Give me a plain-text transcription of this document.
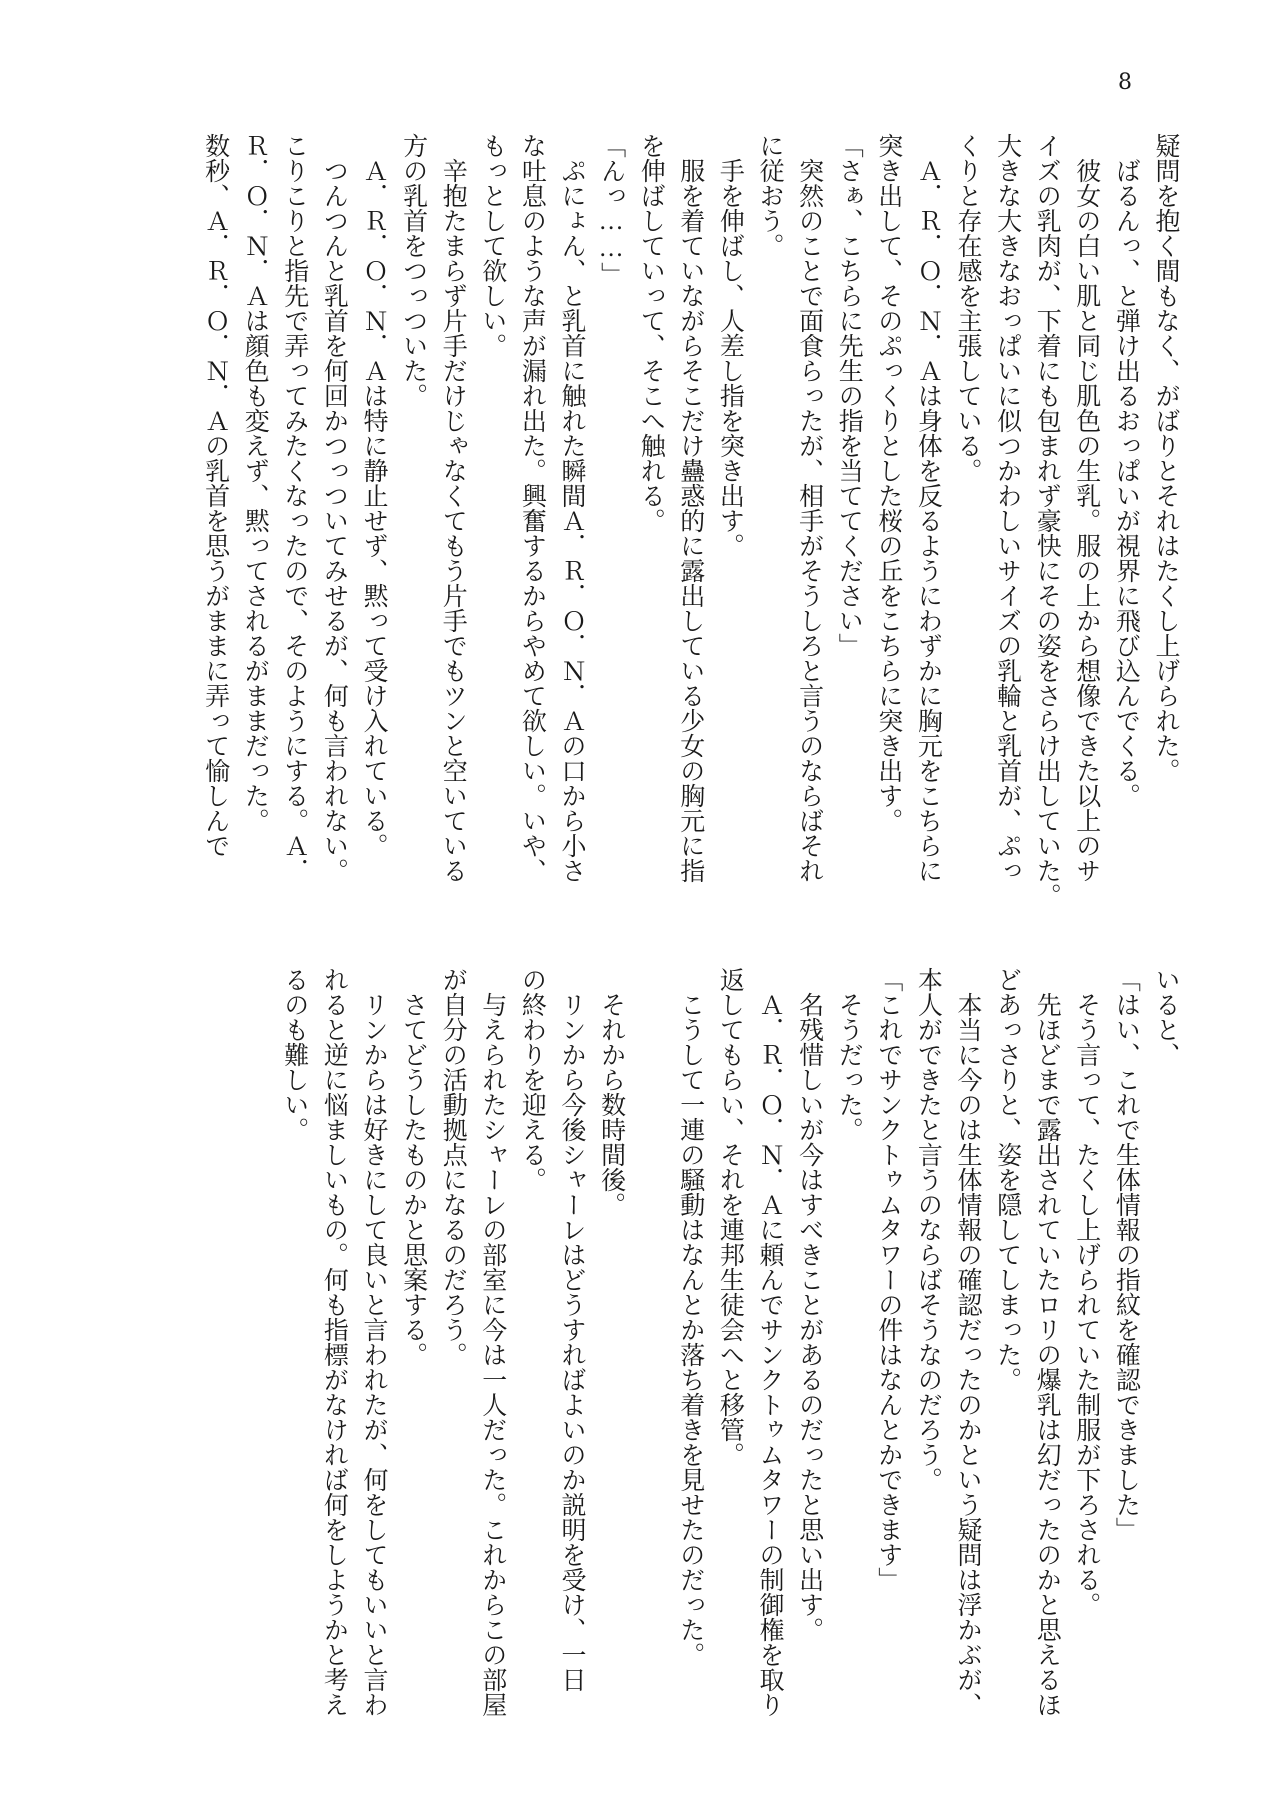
8
疑問を抱く間もなく、がばりとそれはたくし上げられた。
　ばるんっ、と弾け出るおっぱいが視界に飛び込んでくる。
　彼女の白い肌と同じ肌色の生乳。服の上から想像できた以上のサ
イズの乳肉が、下着にも包まれず豪快にその姿をさらけ出していた。
大きな大きなおっぱいに似つかわしいサイズの乳輪と乳首が、ぷっ
くりと存在感を主張している。
　Ａ．Ｒ．Ｏ．Ｎ．Ａは身体を反るようにわずかに胸元をこちらに
突き出して、そのぷっくりとした桜の丘をこちらに突き出す。
「さぁ、こちらに先生の指を当ててください」
　突然のことで面食らったが、相手がそうしろと言うのならばそれ
に従おう。
　手を伸ばし、人差し指を突き出す。
　服を着ていながらそこだけ蠱惑的に露出している少女の胸元に指
を伸ばしていって、そこへ触れる。
「んっ……」
　ぷにょん、と乳首に触れた瞬間Ａ．Ｒ．Ｏ．Ｎ．Ａの口から小さ
な吐息のような声が漏れ出た。興奮するからやめて欲しい。いや、
もっとして欲しい。
　辛抱たまらず片手だけじゃなくてもう片手でもツンと空いている
方の乳首をつっついた。
　Ａ．Ｒ．Ｏ．Ｎ．Ａは特に静止せず、黙って受け入れている。
　つんつんと乳首を何回かつっついてみせるが、何も言われない。
こりこりと指先で弄ってみたくなったので、そのようにする。Ａ．
Ｒ．Ｏ．Ｎ．Ａは顔色も変えず、黙ってされるがままだった。
数秒、Ａ．Ｒ．Ｏ．Ｎ．Ａの乳首を思うがままに弄って愉しんで
いると、
「はい、これで生体情報の指紋を確認できました」
　そう言って、たくし上げられていた制服が下ろされる。
　先ほどまで露出されていたロリの爆乳は幻だったのかと思えるほ
どあっさりと、姿を隠してしまった。
　本当に今のは生体情報の確認だったのかという疑問は浮かぶが、
本人ができたと言うのならばそうなのだろう。
「これでサンクトゥムタワーの件はなんとかできます」
　そうだった。
　名残惜しいが今はすべきことがあるのだったと思い出す。
　Ａ．Ｒ．Ｏ．Ｎ．Ａに頼んでサンクトゥムタワーの制御権を取り
返してもらい、それを連邦生徒会へと移管。
　こうして一連の騒動はなんとか落ち着きを見せたのだった。
　それから数時間後。
　リンから今後シャーレはどうすればよいのか説明を受け、一日
の終わりを迎える。
　与えられたシャーレの部室に今は一人だった。これからこの部屋
が自分の活動拠点になるのだろう。
　さてどうしたものかと思案する。
　リンからは好きにして良いと言われたが、何をしてもいいと言わ
れると逆に悩ましいもの。何も指標がなければ何をしようかと考え
るのも難しい。
